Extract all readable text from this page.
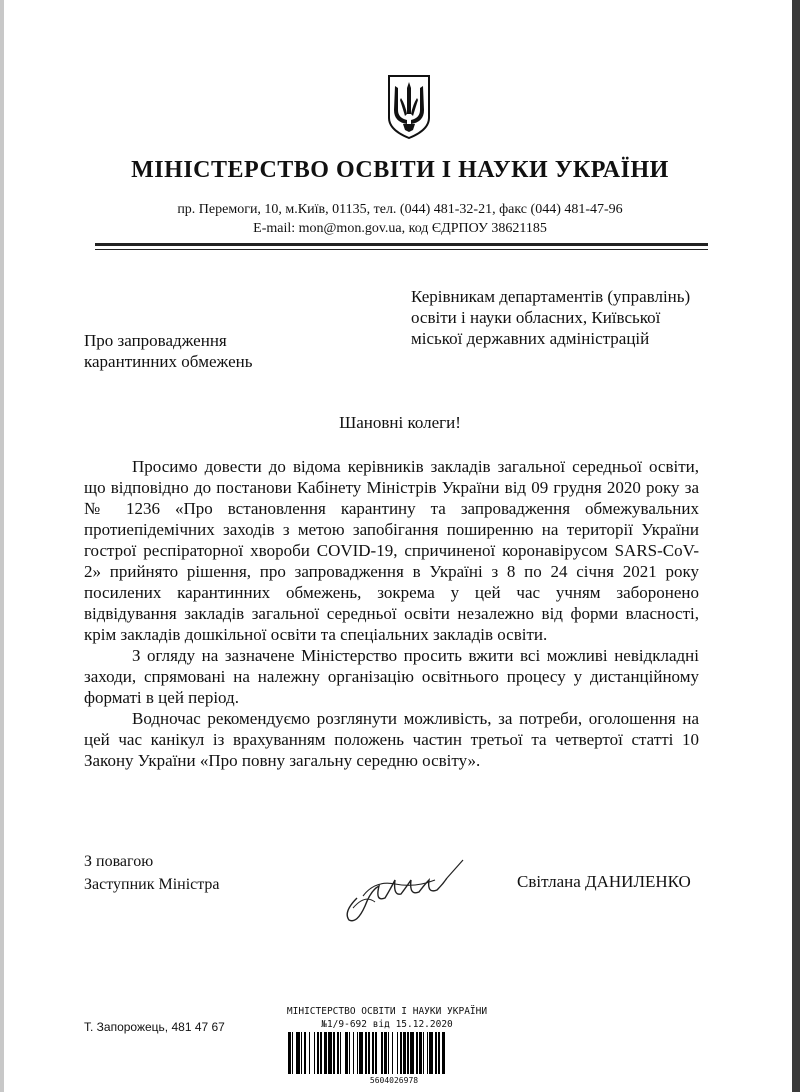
МІНІСТЕРСТВО ОСВІТИ І НАУКИ УКРАЇНИ
пр. Перемоги, 10, м.Київ, 01135, тел. (044) 481-32-21, факс (044) 481-47-96
E-mail: mon@mon.gov.ua, код ЄДРПОУ 38621185
Керівникам департаментів (управлінь)
освіти і науки обласних, Київської
міської державних адміністрацій
Про запровадження
карантинних обмежень
Шановні колеги!

Просимо довести до відома керівників закладів загальної середньої освіти, що відповідно до постанови Кабінету Міністрів України від 09 грудня 2020 року за № 1236 «Про встановлення карантину та запровадження обмежувальних протиепідемічних заходів з метою запобігання поширенню на території України гострої респіраторної хвороби COVID-19, спричиненої коронавірусом SARS-CoV-2» прийнято рішення, про запровадження в Україні з 8 по 24 січня 2021 року посилених карантинних обмежень, зокрема у цей час учням заборонено відвідування закладів загальної середньої освіти незалежно від форми власності, крім закладів дошкільної освіти та спеціальних закладів освіти.

З огляду на зазначене Міністерство просить вжити всі можливі невідкладні заходи, спрямовані на належну організацію освітнього процесу у дистанційному форматі в цей період.

Водночас рекомендуємо розглянути можливість, за потреби, оголошення на цей час канікул із врахуванням положень частин третьої та четвертої статті 10 Закону України «Про повну загальну середню освіту».

З повагою
Заступник Міністра	Світлана ДАНИЛЕНКО
Т. Запорожець, 481 47 67
МІНІСТЕРСТВО ОСВІТИ І НАУКИ УКРАЇНИ
№1/9-692 від 15.12.2020
5604026978
